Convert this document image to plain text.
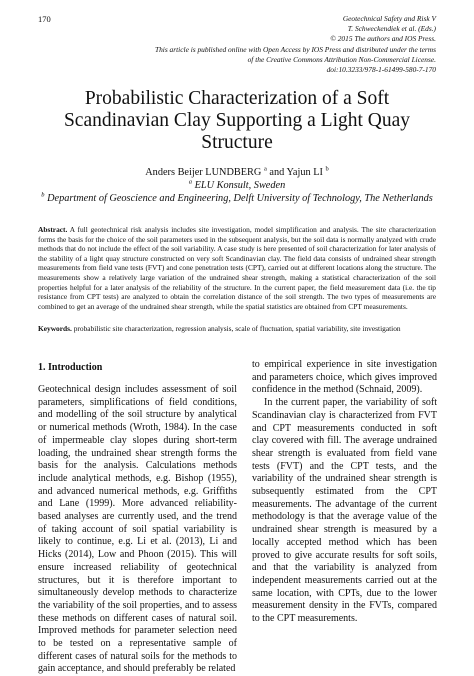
170	Geotechnical Safety and Risk V
T. Schweckendiek et al. (Eds.)
© 2015 The authors and IOS Press.
This article is published online with Open Access by IOS Press and distributed under the terms
of the Creative Commons Attribution Non-Commercial License.
doi:10.3233/978-1-61499-580-7-170
Probabilistic Characterization of a Soft
Scandinavian Clay Supporting a Light Quay
Structure
Anders Beijer LUNDBERG $^a$ and Yajun LI $^b$
$^a$ ELU Konsult, Sweden
$^b$ Department of Geoscience and Engineering, Delft University of Technology, The Netherlands
Abstract. A full geotechnical risk analysis includes site investigation, model simplification and analysis. The site characterization forms the basis for the choice of the soil parameters used in the subsequent analysis, but the soil data is normally analyzed with crude methods that do not include the effect of the soil variability. A case study is here presented of soil characterization for later analysis of the stability of a light quay structure constructed on very soft Scandinavian clay. The field data consists of undrained shear strength measurements from field vane tests (FVT) and cone penetration tests (CPT), carried out at different locations along the structure. The measurements show a relatively large variation of the undrained shear strength, making a statistical characterization of the soil properties helpful for a later analysis of the reliability of the structure. In the current paper, the field measurement data (i.e. the tip resistance from CPT tests) are analyzed to obtain the correlation distance of the soil strength. The two types of measurements are combined to get an average of the undrained shear strength, while the spatial statistics are obtained from CPT measurements.
Keywords. probabilistic site characterization, regression analysis, scale of fluctuation, spatial variability, site investigation
1. Introduction

Geotechnical design includes assessment of soil parameters, simplifications of field conditions, and modelling of the soil structure by analytical or numerical methods (Wroth, 1984). In the case of impermeable clay slopes during short-term loading, the undrained shear strength forms the basis for the analysis. Calculations methods include analytical methods, e.g. Bishop (1955), and advanced numerical methods, e.g. Griffiths and Lane (1999). More advanced reliability-based analyses are currently used, and the trend of taking account of soil spatial variability is likely to continue, e.g. Li et al. (2013), Li and Hicks (2014), Low and Phoon (2015). This will ensure increased reliability of geotechnical structures, but it is therefore important to simultaneously develop methods to characterize the variability of the soil properties, and to assess these methods on different cases of natural soil. Improved methods for parameter selection need to be tested on a representative sample of different cases of natural soils for the methods to gain acceptance, and should preferably be related

to empirical experience in site investigation and parameters choice, which gives improved confidence in the method (Schnaid, 2009).

In the current paper, the variability of soft Scandinavian clay is characterized from FVT and CPT measurements conducted in soft clay covered with fill. The average undrained shear strength is evaluated from field vane tests (FVT) and the CPT tests, and the variability of the undrained shear strength is subsequently estimated from the CPT measurements. The advantage of the current methodology is that the average value of the undrained shear strength is measured by a locally accepted method which has been proved to give accurate results for soft soils, and that the variability is analyzed from independent measurements carried out at the same location, with CPTs, due to the lower measurement density in the FVTs, compared to the CPT measurements.
